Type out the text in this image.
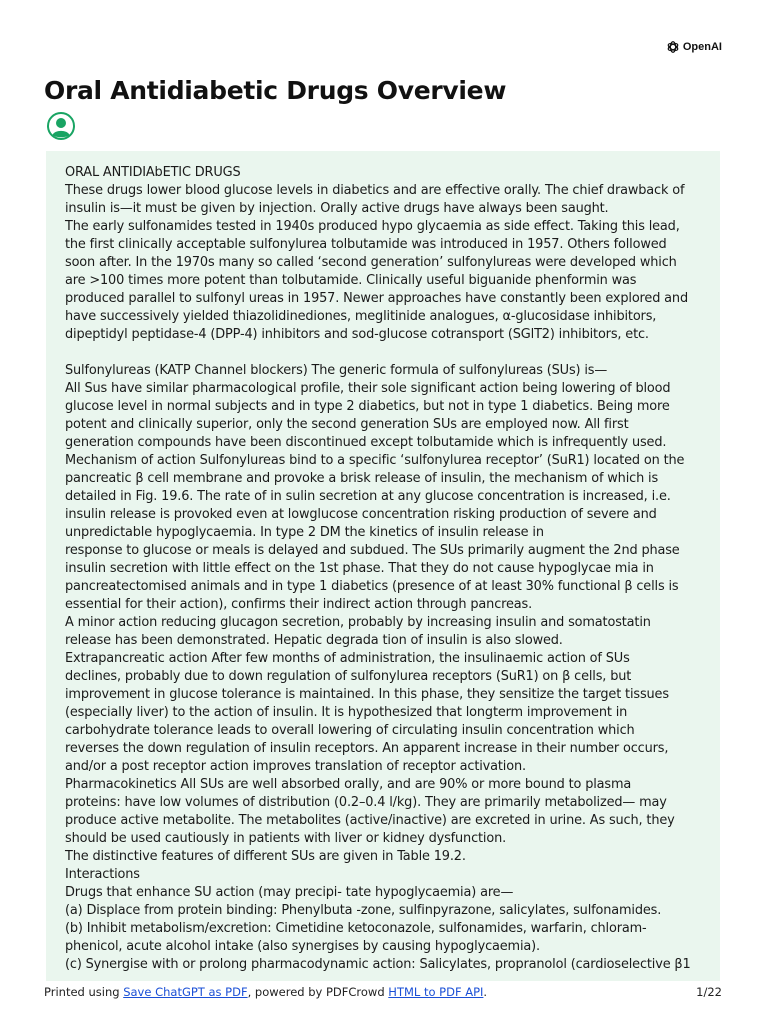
OpenAI
Oral Antidiabetic Drugs Overview

ORAL ANTIDIAbETIC DRUGS

These drugs lower blood glucose levels in diabetics and are effective orally. The chief drawback of

insulin is—it must be given by injection. Orally active drugs have always been saught.

The early sulfonamides tested in 1940s produced hypo glycaemia as side effect. Taking this lead,

the first clinically acceptable sulfonylurea tolbutamide was introduced in 1957. Others followed

soon after. In the 1970s many so called ‘second generation’ sulfonylureas were developed which

are >100 times more potent than tolbutamide. Clinically useful biguanide phenformin was

produced parallel to sulfonyl ureas in 1957. Newer approaches have constantly been explored and

have successively yielded thiazolidinediones, meglitinide analogues, α-glucosidase inhibitors,

dipeptidyl peptidase-4 (DPP-4) inhibitors and sod-glucose cotransport (SGlT2) inhibitors, etc.

Sulfonylureas (KATP Channel blockers) The generic formula of sulfonylureas (SUs) is—

All Sus have similar pharmacological profile, their sole significant action being lowering of blood

glucose level in normal subjects and in type 2 diabetics, but not in type 1 diabetics. Being more

potent and clinically superior, only the second generation SUs are employed now. All first

generation compounds have been discontinued except tolbutamide which is infrequently used.

Mechanism of action Sulfonylureas bind to a specific ‘sulfonylurea receptor’ (SuR1) located on the

pancreatic β cell membrane and provoke a brisk release of insulin, the mechanism of which is

detailed in Fig. 19.6. The rate of in sulin secretion at any glucose concentration is increased, i.e.

insulin release is provoked even at lowglucose concentration risking production of severe and

unpredictable hypoglycaemia. In type 2 DM the kinetics of insulin release in

response to glucose or meals is delayed and subdued. The SUs primarily augment the 2nd phase

insulin secretion with little effect on the 1st phase. That they do not cause hypoglycae mia in

pancreatectomised animals and in type 1 diabetics (presence of at least 30% functional β cells is

essential for their action), confirms their indirect action through pancreas.

A minor action reducing glucagon secretion, probably by increasing insulin and somatostatin

release has been demonstrated. Hepatic degrada tion of insulin is also slowed.

Extrapancreatic action After few months of administration, the insulinaemic action of SUs

declines, probably due to down regulation of sulfonylurea receptors (SuR1) on β cells, but

improvement in glucose tolerance is maintained. In this phase, they sensitize the target tissues

(especially liver) to the action of insulin. It is hypothesized that longterm improvement in

carbohydrate tolerance leads to overall lowering of circulating insulin concentration which

reverses the down regulation of insulin receptors. An apparent increase in their number occurs,

and/or a post receptor action improves translation of receptor activation.

Pharmacokinetics All SUs are well absorbed orally, and are 90% or more bound to plasma

proteins: have low volumes of distribution (0.2–0.4 l/kg). They are primarily metabolized— may

produce active metabolite. The metabolites (active/inactive) are excreted in urine. As such, they

should be used cautiously in patients with liver or kidney dysfunction.

The distinctive features of different SUs are given in Table 19.2.

Interactions

Drugs that enhance SU action (may precipi- tate hypoglycaemia) are—

(a) Displace from protein binding: Phenylbuta -zone, sulfinpyrazone, salicylates, sulfonamides.

(b) Inhibit metabolism/excretion: Cimetidine ketoconazole, sulfonamides, warfarin, chloram-

phenicol, acute alcohol intake (also synergises by causing hypoglycaemia).

(c) Synergise with or prolong pharmacodynamic action: Salicylates, propranolol (cardioselective β1

Printed using Save ChatGPT as PDF, powered by PDFCrowd HTML to PDF API.	1/22
